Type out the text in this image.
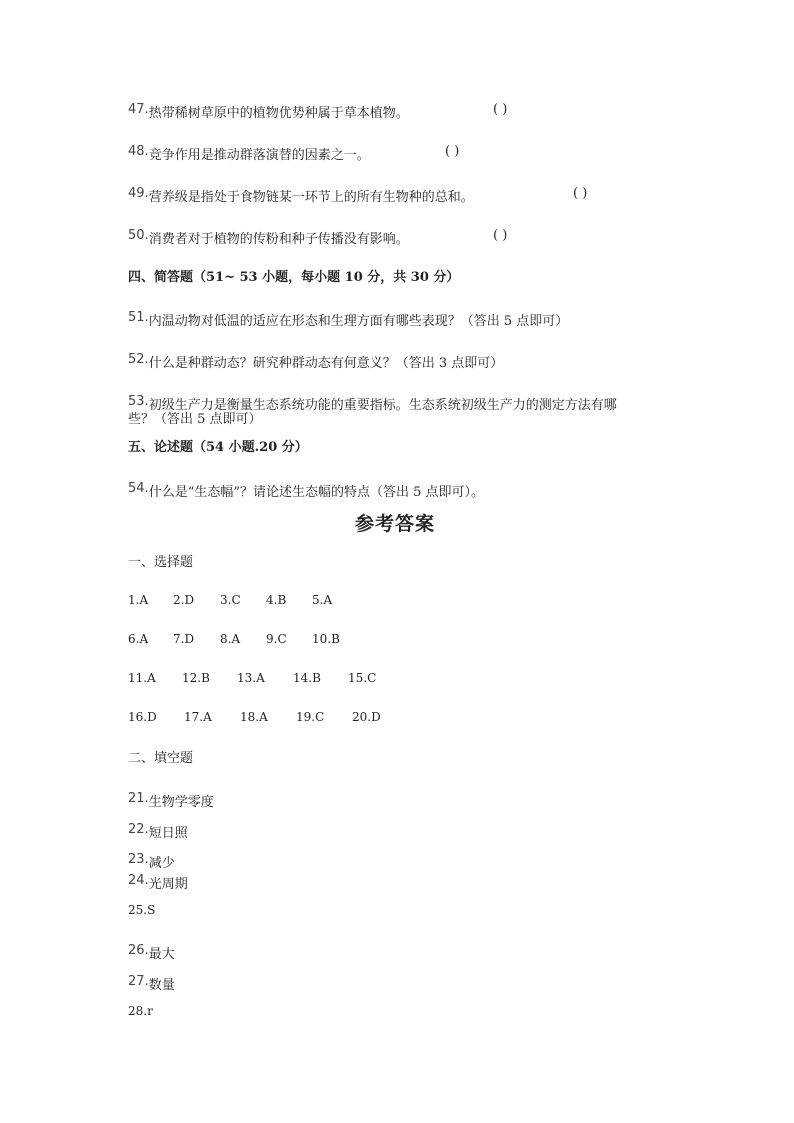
47.热带稀树草原中的植物优势种属于草本植物。	( )
48.竞争作用是推动群落演替的因素之一。	( )
49.营养级是指处于食物链某一环节上的所有生物种的总和。	( )
50.消费者对于植物的传粉和种子传播没有影响。	( )
四、简答题（51~ 53 小题，每小题 10 分，共 30 分）
51.内温动物对低温的适应在形态和生理方面有哪些表现？（答出 5 点即可）
52.什么是种群动态？研究种群动态有何意义？（答出 3 点即可）
53.初级生产力是衡量生态系统功能的重要指标。生态系统初级生产力的测定方法有哪
些？（答出 5 点即可）
五、论述题（54 小题.20 分）
54.什么是“生态幅”？请论述生态幅的特点（答出 5 点即可）。
参考答案
一、选择题
1.A 2.D 3.C 4.B 5.A
6.A 7.D 8.A 9.C 10.B
11.A 12.B 13.A 14.B 15.C
16.D 17.A 18.A 19.C 20.D
二、填空题
21.生物学零度
22.短日照
23.减少
24.光周期
25.S
26.最大
27.数量
28.r
